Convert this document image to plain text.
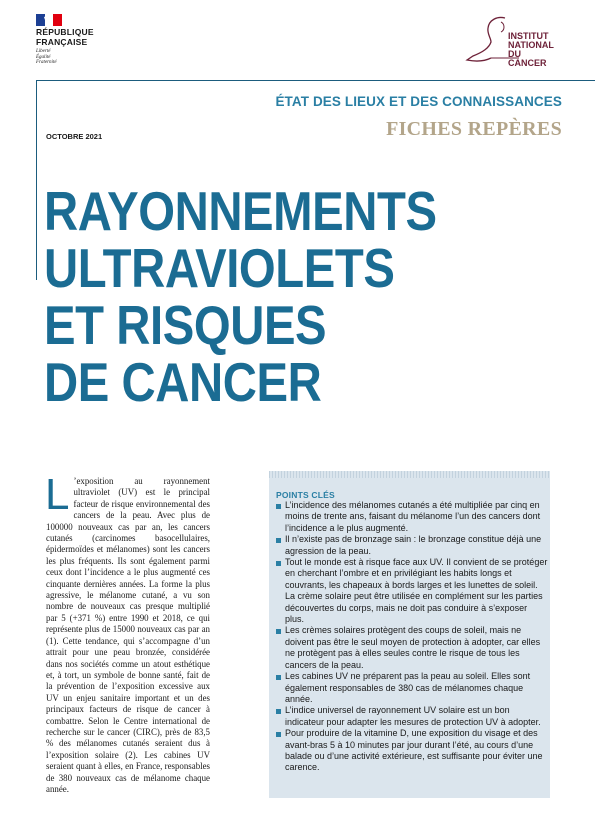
RÉPUBLIQUE
FRANÇAISE
Liberté
Égalité
Fraternité
INSTITUT
NATIONAL
DU CANCER
ÉTAT DES LIEUX ET DES CONNAISSANCES
FICHES REPÈRES
OCTOBRE 2021
RAYONNEMENTS
ULTRAVIOLETS
ET RISQUES
DE CANCER
L ’exposition au rayonnement ultraviolet (UV) est le principal facteur de risque environnemental des cancers de la peau. Avec plus de 100000 nouveaux cas par an, les cancers cutanés (carcinomes basocellulaires, épidermoïdes et mélanomes) sont les cancers les plus fréquents. Ils sont également parmi ceux dont l’incidence a le plus augmenté ces cinquante dernières années. La forme la plus agressive, le mélanome cutané, a vu son nombre de nouveaux cas presque multiplié par 5 (+371 %) entre 1990 et 2018, ce qui représente plus de 15000 nouveaux cas par an (1). Cette tendance, qui s’accompagne d’un attrait pour une peau bronzée, considérée dans nos sociétés comme un atout esthétique et, à tort, un symbole de bonne santé, fait de la prévention de l’exposition excessive aux UV un enjeu sanitaire important et un des principaux facteurs de risque de cancer à combattre. Selon le Centre international de recherche sur le cancer (CIRC), près de 83,5 % des mélanomes cutanés seraient dus à l’exposition solaire (2). Les cabines UV seraient quant à elles, en France, responsables de 380 nouveaux cas de mélanome chaque année.
POINTS CLÉS
L’incidence des mélanomes cutanés a été multipliée par cinq en moins de trente ans, faisant du mélanome l’un des cancers dont l’incidence a le plus augmenté.
Il n’existe pas de bronzage sain : le bronzage constitue déjà une agression de la peau.
Tout le monde est à risque face aux UV. Il convient de se protéger en cherchant l’ombre et en privilégiant les habits longs et couvrants, les chapeaux à bords larges et les lunettes de soleil. La crème solaire peut être utilisée en complément sur les parties découvertes du corps, mais ne doit pas conduire à s’exposer plus.
Les crèmes solaires protègent des coups de soleil, mais ne doivent pas être le seul moyen de protection à adopter, car elles ne protègent pas à elles seules contre le risque de tous les cancers de la peau.
Les cabines UV ne préparent pas la peau au soleil. Elles sont également responsables de 380 cas de mélanomes chaque année.
L’indice universel de rayonnement UV solaire est un bon indicateur pour adapter les mesures de protection UV à adopter.
Pour produire de la vitamine D, une exposition du visage et des avant-bras 5 à 10 minutes par jour durant l’été, au cours d’une balade ou d’une activité extérieure, est suffisante pour éviter une carence.
